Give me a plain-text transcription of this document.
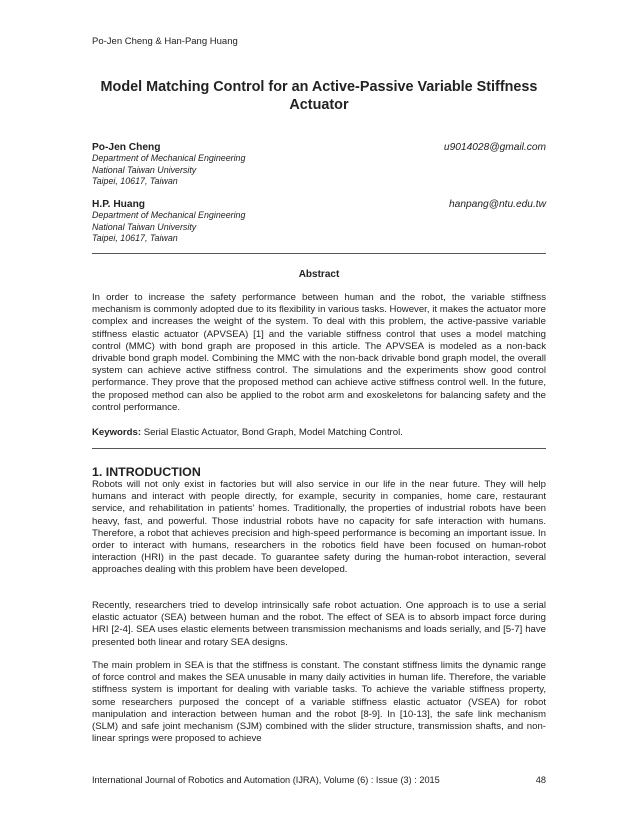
Po-Jen Cheng & Han-Pang Huang
Model Matching Control for an Active-Passive Variable Stiffness Actuator
Po-Jen Cheng	u9014028@gmail.com
Department of Mechanical Engineering
National Taiwan University
Taipei, 10617, Taiwan
H.P. Huang	hanpang@ntu.edu.tw
Department of Mechanical Engineering
National Taiwan University
Taipei, 10617, Taiwan
Abstract

In order to increase the safety performance between human and the robot, the variable stiffness mechanism is commonly adopted due to its flexibility in various tasks. However, it makes the actuator more complex and increases the weight of the system. To deal with this problem, the active-passive variable stiffness elastic actuator (APVSEA) [1] and the variable stiffness control that uses a model matching control (MMC) with bond graph are proposed in this article. The APVSEA is modeled as a non-back drivable bond graph model. Combining the MMC with the non-back drivable bond graph model, the overall system can achieve active stiffness control. The simulations and the experiments show good control performance. They prove that the proposed method can achieve active stiffness control well. In the future, the proposed method can also be applied to the robot arm and exoskeletons for balancing safety and the control performance.

Keywords: Serial Elastic Actuator, Bond Graph, Model Matching Control.
1. INTRODUCTION

Robots will not only exist in factories but will also service in our life in the near future. They will help humans and interact with people directly, for example, security in companies, home care, restaurant service, and rehabilitation in patients’ homes. Traditionally, the properties of industrial robots have been heavy, fast, and powerful. Those industrial robots have no capacity for safe interaction with humans. Therefore, a robot that achieves precision and high-speed performance is becoming an important issue. In order to interact with humans, researchers in the robotics field have been focused on human-robot interaction (HRI) in the past decade. To guarantee safety during the human-robot interaction, several approaches dealing with this problem have been developed.

Recently, researchers tried to develop intrinsically safe robot actuation. One approach is to use a serial elastic actuator (SEA) between human and the robot. The effect of SEA is to absorb impact force during HRI [2-4]. SEA uses elastic elements between transmission mechanisms and loads serially, and [5-7] have presented both linear and rotary SEA designs.

The main problem in SEA is that the stiffness is constant. The constant stiffness limits the dynamic range of force control and makes the SEA unusable in many daily activities in human life. Therefore, the variable stiffness system is important for dealing with variable tasks. To achieve the variable stiffness property, some researchers purposed the concept of a variable stiffness elastic actuator (VSEA) for robot manipulation and interaction between human and the robot [8-9]. In [10-13], the safe link mechanism (SLM) and safe joint mechanism (SJM) combined with the slider structure, transmission shafts, and non-linear springs were proposed to achieve

International Journal of Robotics and Automation (IJRA), Volume (6) : Issue (3) : 2015	48
